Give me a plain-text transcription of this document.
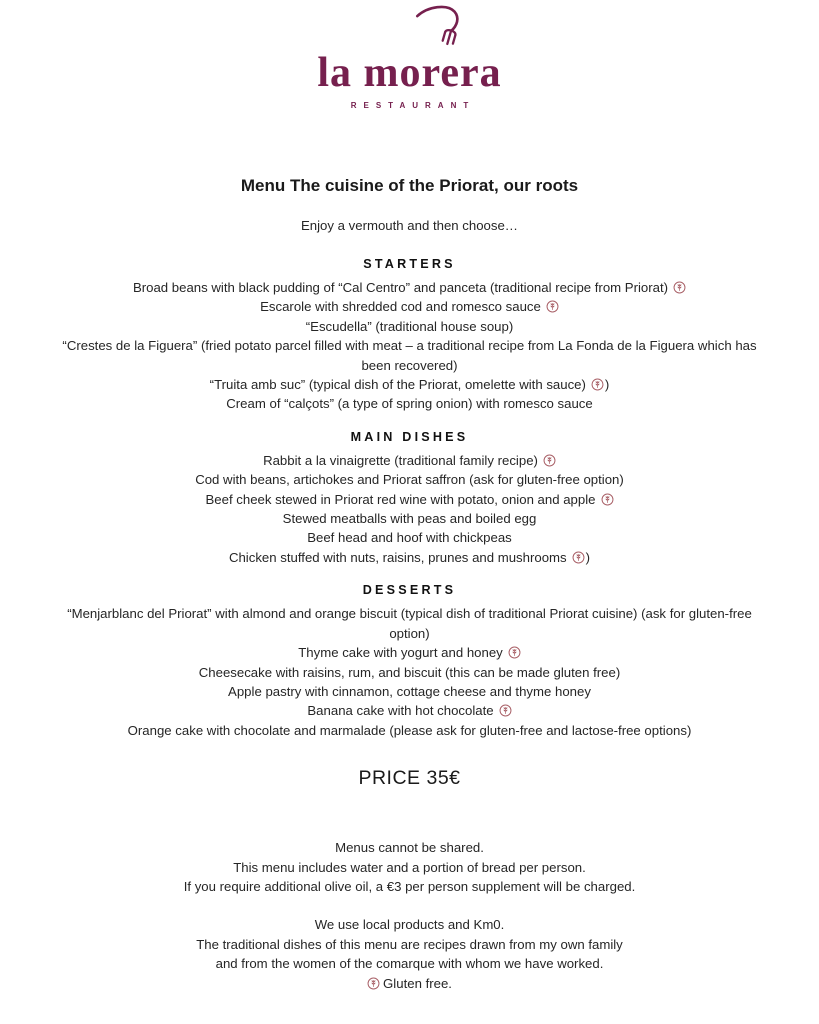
la morera
RESTAURANT
Menu The cuisine of the Priorat, our roots

Enjoy a vermouth and then choose…

STARTERS

Broad beans with black pudding of “Cal Centro” and panceta (traditional recipe from Priorat)

Escarole with shredded cod and romesco sauce

“Escudella” (traditional house soup)

“Crestes de la Figuera” (fried potato parcel filled with meat – a traditional recipe from La Fonda de la Figuera which has been recovered)

“Truita amb suc” (typical dish of the Priorat, omelette with sauce) )

Cream of “calçots” (a type of spring onion) with romesco sauce

MAIN DISHES

Rabbit a la vinaigrette (traditional family recipe)

Cod with beans, artichokes and Priorat saffron (ask for gluten-free option)

Beef cheek stewed in Priorat red wine with potato, onion and apple

Stewed meatballs with peas and boiled egg

Beef head and hoof with chickpeas

Chicken stuffed with nuts, raisins, prunes and mushrooms )

DESSERTS

“Menjarblanc del Priorat” with almond and orange biscuit (typical dish of traditional Priorat cuisine) (ask for gluten-free option)

Thyme cake with yogurt and honey

Cheesecake with raisins, rum, and biscuit (this can be made gluten free)

Apple pastry with cinnamon, cottage cheese and thyme honey

Banana cake with hot chocolate

Orange cake with chocolate and marmalade (please ask for gluten-free and lactose-free options)

PRICE 35€

Menus cannot be shared.

This menu includes water and a portion of bread per person.

If you require additional olive oil, a €3 per person supplement will be charged.

We use local products and Km0.

The traditional dishes of this menu are recipes drawn from my own family

and from the women of the comarque with whom we have worked.

Gluten free.
